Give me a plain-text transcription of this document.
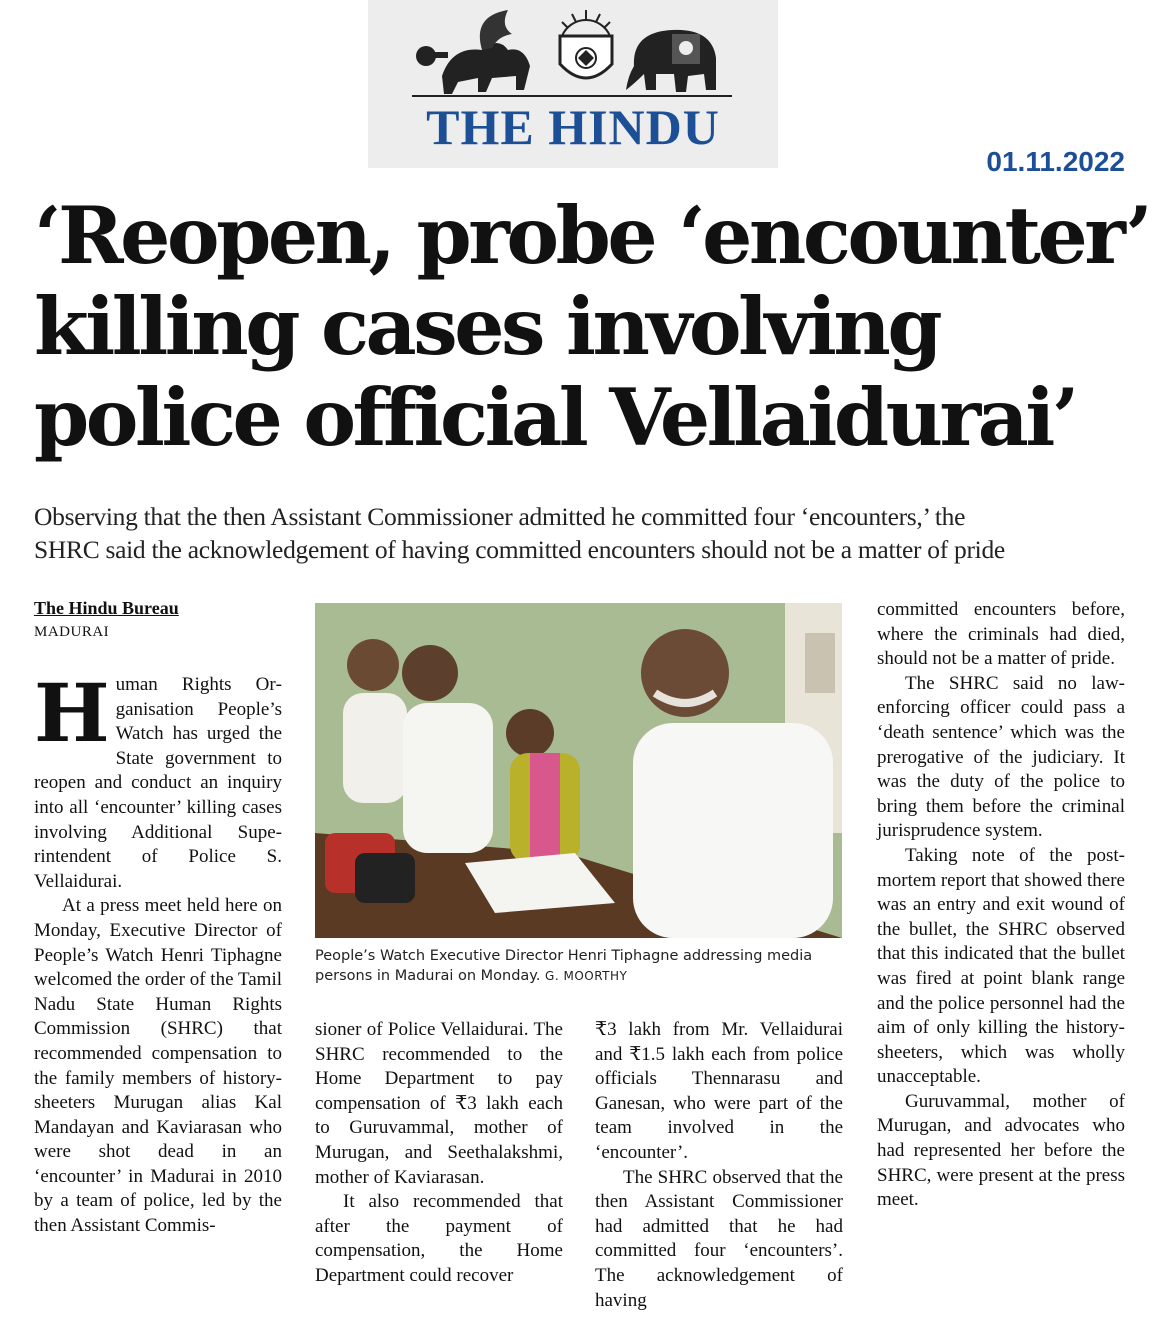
THE HINDU
01.11.2022
‘Reopen, probe ‘encounter’
killing cases involving
police official Vellaidurai’
Observing that the then Assistant Commissioner admitted he committed four ‘encounters,’ the
SHRC said the acknowledgement of having committed encounters should not be a matter of pride
The Hindu Bureau
MADURAI

Human Rights Organisation People’s Watch has urged the State government to reopen and conduct an inquiry into all ‘encounter’ killing cases involving Additional Superintendent of Police S. Vellaidurai.

At a press meet held here on Monday, Executive Director of People’s Watch Henri Tiphagne welcomed the order of the Tamil Nadu State Human Rights Commission (SHRC) that recommended compensation to the family members of history-sheeters Murugan alias Kal Mandayan and Kaviarasan who were shot dead in an ‘encounter’ in Madurai in 2010 by a team of police, led by the then Assistant Commis-

People’s Watch Executive Director Henri Tiphagne addressing media persons in Madurai on Monday. G. MOORTHY

sioner of Police Vellaidurai. The SHRC recommended to the Home Department to pay compensation of ₹3 lakh each to Guruvammal, mother of Murugan, and Seethalakshmi, mother of Kaviarasan.

It also recommended that after the payment of compensation, the Home Department could recover

₹3 lakh from Mr. Vellaidurai and ₹1.5 lakh each from police officials Thennarasu and Ganesan, who were part of the team involved in the ‘encounter’.

The SHRC observed that the then Assistant Commissioner had admitted that he had committed four ‘encounters’. The acknowledgement of having

committed encounters before, where the criminals had died, should not be a matter of pride.

The SHRC said no law-enforcing officer could pass a ‘death sentence’ which was the prerogative of the judiciary. It was the duty of the police to bring them before the criminal jurisprudence system.

Taking note of the postmortem report that showed there was an entry and exit wound of the bullet, the SHRC observed that this indicated that the bullet was fired at point blank range and the police personnel had the aim of only killing the history-sheeters, which was wholly unacceptable.

Guruvammal, mother of Murugan, and advocates who had represented her before the SHRC, were present at the press meet.
